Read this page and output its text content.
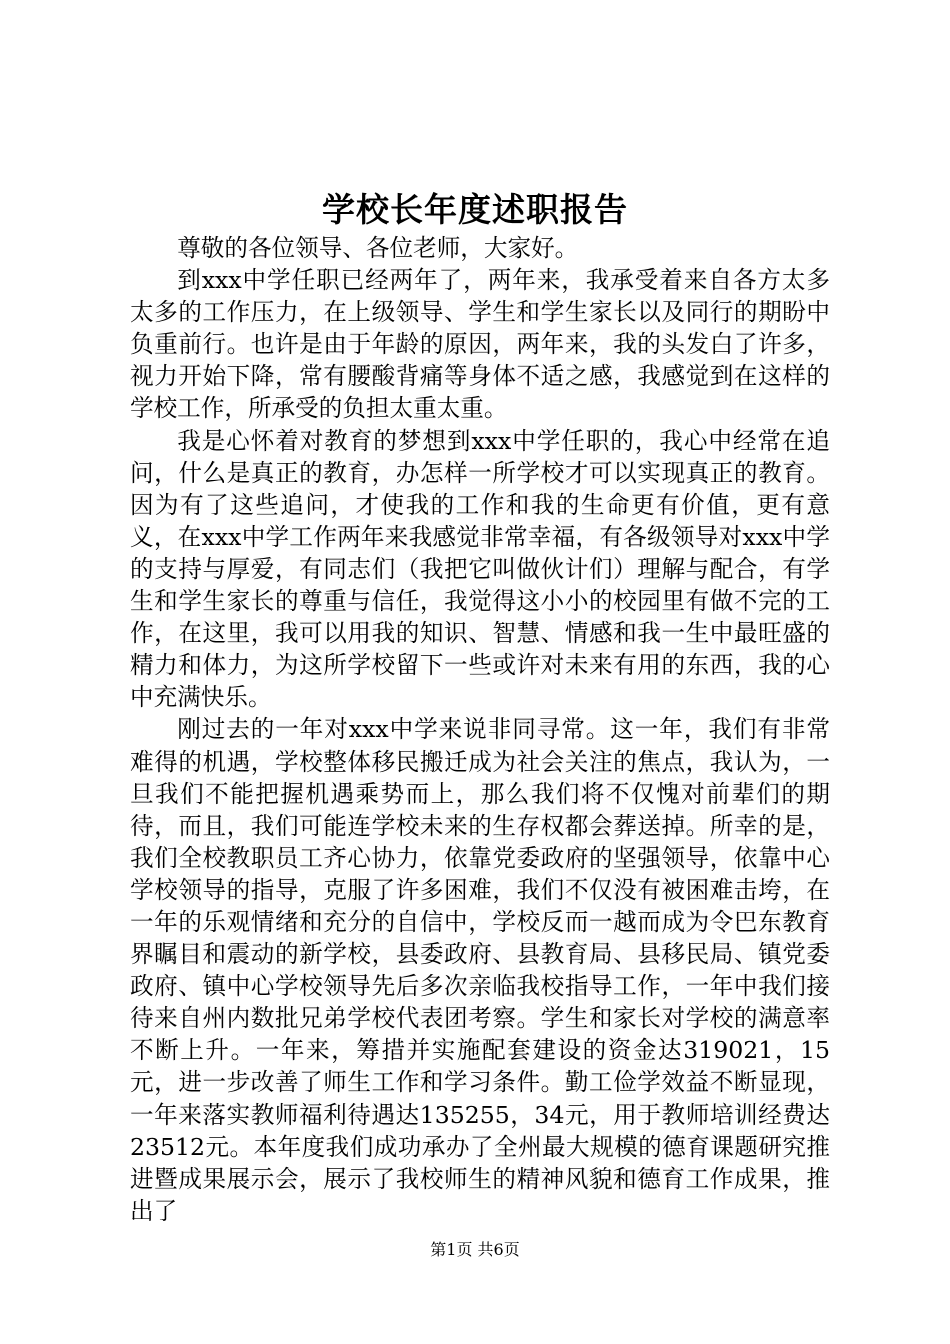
学校长年度述职报告

尊敬的各位领导、各位老师，大家好。

到xxx中学任职已经两年了，两年来，我承受着来自各方太多太多的工作压力，在上级领导、学生和学生家长以及同行的期盼中负重前行。也许是由于年龄的原因，两年来，我的头发白了许多，视力开始下降，常有腰酸背痛等身体不适之感，我感觉到在这样的学校工作，所承受的负担太重太重。

我是心怀着对教育的梦想到xxx中学任职的，我心中经常在追问，什么是真正的教育，办怎样一所学校才可以实现真正的教育。因为有了这些追问，才使我的工作和我的生命更有价值，更有意义，在xxx中学工作两年来我感觉非常幸福，有各级领导对xxx中学的支持与厚爱，有同志们（我把它叫做伙计们）理解与配合，有学生和学生家长的尊重与信任，我觉得这小小的校园里有做不完的工作，在这里，我可以用我的知识、智慧、情感和我一生中最旺盛的精力和体力，为这所学校留下一些或许对未来有用的东西，我的心中充满快乐。

刚过去的一年对xxx中学来说非同寻常。这一年，我们有非常难得的机遇，学校整体移民搬迁成为社会关注的焦点，我认为，一旦我们不能把握机遇乘势而上，那么我们将不仅愧对前辈们的期待，而且，我们可能连学校未来的生存权都会葬送掉。所幸的是，我们全校教职员工齐心协力，依靠党委政府的坚强领导，依靠中心学校领导的指导，克服了许多困难，我们不仅没有被困难击垮，在一年的乐观情绪和充分的自信中，学校反而一越而成为令巴东教育界瞩目和震动的新学校，县委政府、县教育局、县移民局、镇党委政府、镇中心学校领导先后多次亲临我校指导工作，一年中我们接待来自州内数批兄弟学校代表团考察。学生和家长对学校的满意率不断上升。一年来，筹措并实施配套建设的资金达319021，15元，进一步改善了师生工作和学习条件。勤工俭学效益不断显现，一年来落实教师福利待遇达135255，34元，用于教师培训经费达23512元。本年度我们成功承办了全州最大规模的德育课题研究推进暨成果展示会，展示了我校师生的精神风貌和德育工作成果，推出了

第1页 共6页
